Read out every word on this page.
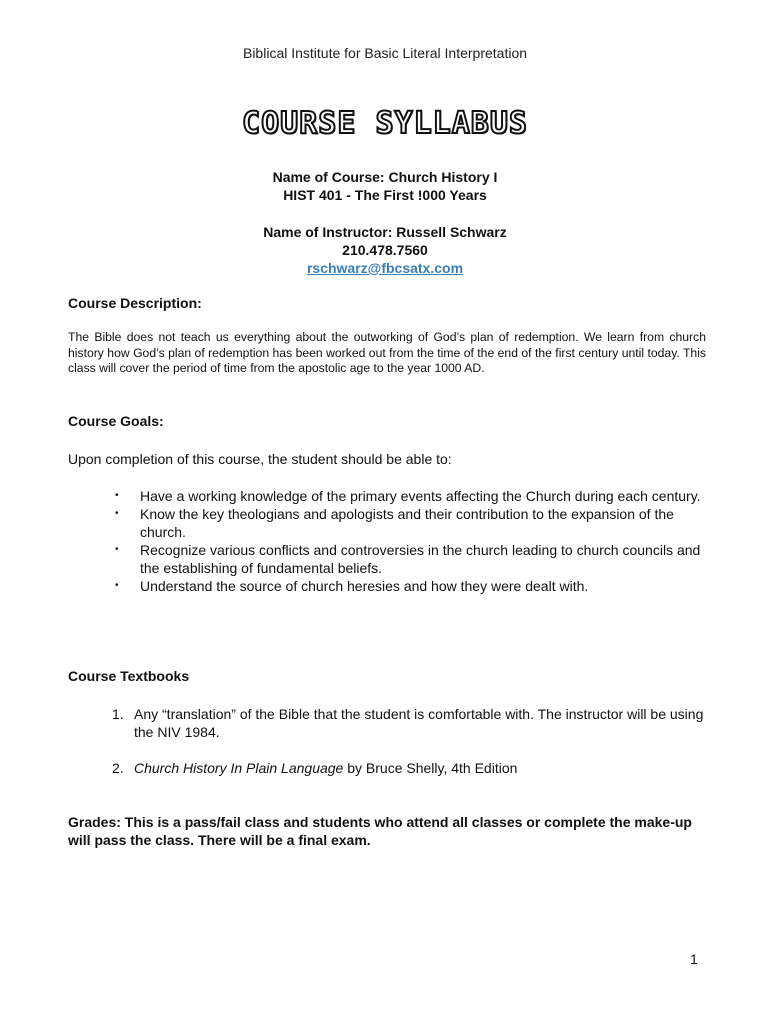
Biblical Institute for Basic Literal Interpretation
COURSE SYLLABUS
Name of Course: Church History I
HIST 401 - The First !000 Years
Name of Instructor: Russell Schwarz
210.478.7560
rschwarz@fbcsatx.com
Course Description:
The Bible does not teach us everything about the outworking of God’s plan of redemption. We learn from church history how God’s plan of redemption has been worked out from the time of the end of the first century until today. This class will cover the period of time from the apostolic age to the year 1000 AD.
Course Goals:
Upon completion of this course, the student should be able to:
• Have a working knowledge of the primary events affecting the Church during each century.
• Know the key theologians and apologists and their contribution to the expansion of the church.
• Recognize various conflicts and controversies in the church leading to church councils and the establishing of fundamental beliefs.
• Understand the source of church heresies and how they were dealt with.
Course Textbooks
1. Any “translation” of the Bible that the student is comfortable with. The instructor will be using the NIV 1984.
2. Church History In Plain Language by Bruce Shelly, 4th Edition
Grades: This is a pass/fail class and students who attend all classes or complete the make-up will pass the class. There will be a final exam.
1
